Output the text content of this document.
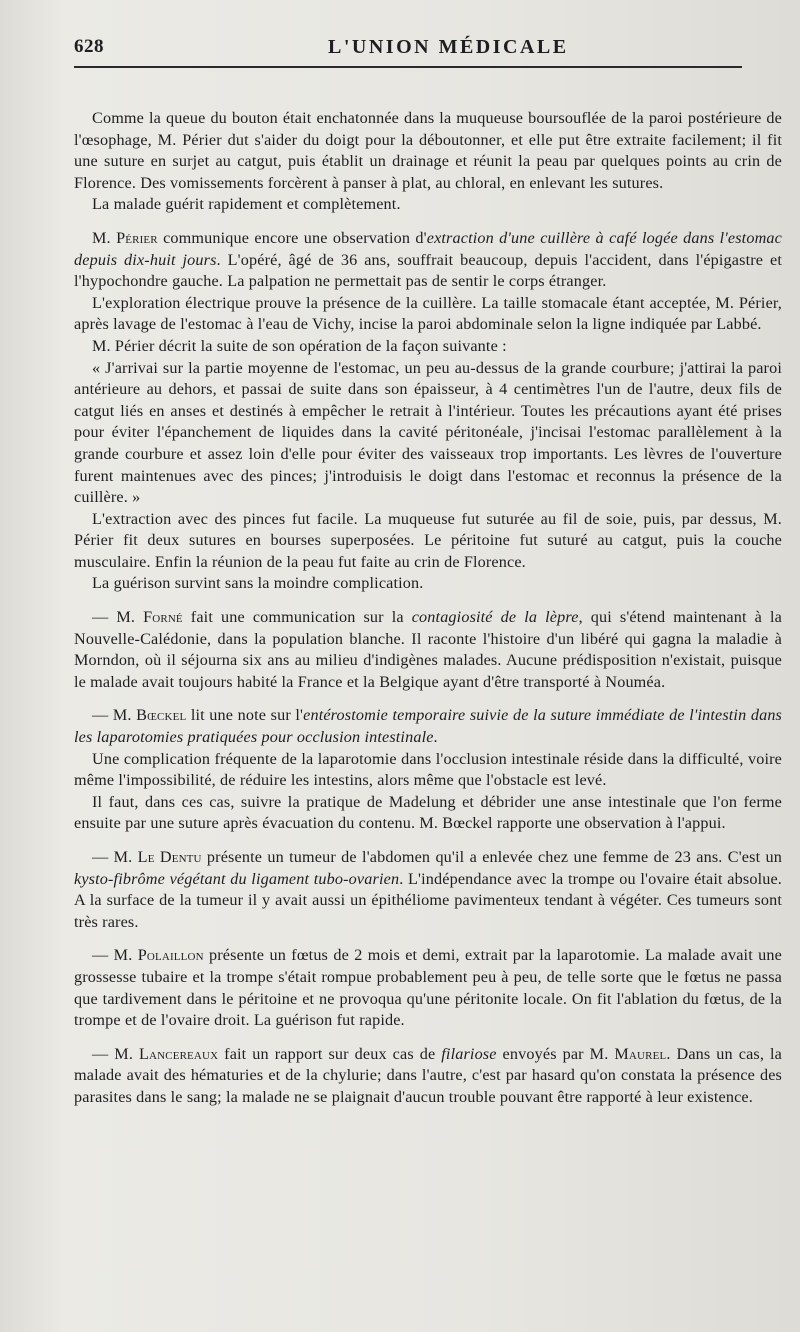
628	L'UNION MÉDICALE

Comme la queue du bouton était enchatonnée dans la muqueuse boursouflée de la paroi postérieure de l'œsophage, M. Périer dut s'aider du doigt pour la déboutonner, et elle put être extraite facilement; il fit une suture en surjet au catgut, puis établit un drainage et réunit la peau par quelques points au crin de Florence. Des vomissements forcèrent à panser à plat, au chloral, en enlevant les sutures.

La malade guérit rapidement et complètement.

M. Périer communique encore une observation d'extraction d'une cuillère à café logée dans l'estomac depuis dix-huit jours. L'opéré, âgé de 36 ans, souffrait beaucoup, depuis l'accident, dans l'épigastre et l'hypochondre gauche. La palpation ne permettait pas de sentir le corps étranger.

L'exploration électrique prouve la présence de la cuillère. La taille stomacale étant acceptée, M. Périer, après lavage de l'estomac à l'eau de Vichy, incise la paroi abdominale selon la ligne indiquée par Labbé.

M. Périer décrit la suite de son opération de la façon suivante :

« J'arrivai sur la partie moyenne de l'estomac, un peu au-dessus de la grande courbure; j'attirai la paroi antérieure au dehors, et passai de suite dans son épaisseur, à 4 centimètres l'un de l'autre, deux fils de catgut liés en anses et destinés à empêcher le retrait à l'intérieur. Toutes les précautions ayant été prises pour éviter l'épanchement de liquides dans la cavité péritonéale, j'incisai l'estomac parallèlement à la grande courbure et assez loin d'elle pour éviter des vaisseaux trop importants. Les lèvres de l'ouverture furent maintenues avec des pinces; j'introduisis le doigt dans l'estomac et reconnus la présence de la cuillère. »

L'extraction avec des pinces fut facile. La muqueuse fut suturée au fil de soie, puis, par dessus, M. Périer fit deux sutures en bourses superposées. Le péritoine fut suturé au catgut, puis la couche musculaire. Enfin la réunion de la peau fut faite au crin de Florence.

La guérison survint sans la moindre complication.

— M. Forné fait une communication sur la contagiosité de la lèpre, qui s'étend maintenant à la Nouvelle-Calédonie, dans la population blanche. Il raconte l'histoire d'un libéré qui gagna la maladie à Morndon, où il séjourna six ans au milieu d'indigènes malades. Aucune prédisposition n'existait, puisque le malade avait toujours habité la France et la Belgique ayant d'être transporté à Nouméa.

— M. Bœckel lit une note sur l'entérostomie temporaire suivie de la suture immédiate de l'intestin dans les laparotomies pratiquées pour occlusion intestinale.

Une complication fréquente de la laparotomie dans l'occlusion intestinale réside dans la difficulté, voire même l'impossibilité, de réduire les intestins, alors même que l'obstacle est levé.

Il faut, dans ces cas, suivre la pratique de Madelung et débrider une anse intestinale que l'on ferme ensuite par une suture après évacuation du contenu. M. Bœckel rapporte une observation à l'appui.

— M. Le Dentu présente un tumeur de l'abdomen qu'il a enlevée chez une femme de 23 ans. C'est un kysto-fibrôme végétant du ligament tubo-ovarien. L'indépendance avec la trompe ou l'ovaire était absolue. A la surface de la tumeur il y avait aussi un épithéliome pavimenteux tendant à végéter. Ces tumeurs sont très rares.

— M. Polaillon présente un fœtus de 2 mois et demi, extrait par la laparotomie. La malade avait une grossesse tubaire et la trompe s'était rompue probablement peu à peu, de telle sorte que le fœtus ne passa que tardivement dans le péritoine et ne provoqua qu'une péritonite locale. On fit l'ablation du fœtus, de la trompe et de l'ovaire droit. La guérison fut rapide.

— M. Lancereaux fait un rapport sur deux cas de filariose envoyés par M. Maurel. Dans un cas, la malade avait des hématuries et de la chylurie; dans l'autre, c'est par hasard qu'on constata la présence des parasites dans le sang; la malade ne se plaignait d'aucun trouble pouvant être rapporté à leur existence.
